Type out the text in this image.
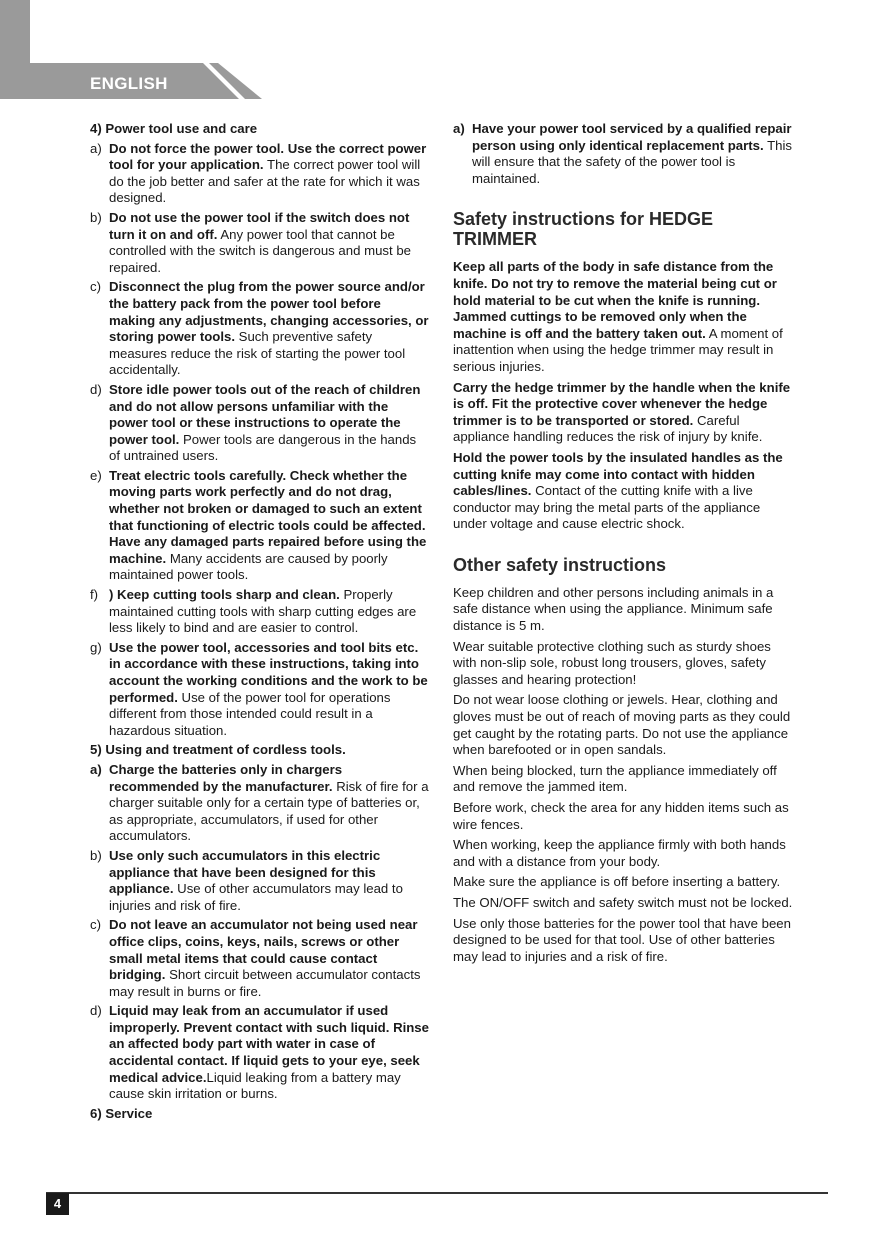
ENGLISH
4) Power tool use and care
a) Do not force the power tool. Use the correct power tool for your application. The correct power tool will do the job better and safer at the rate for which it was designed.
b) Do not use the power tool if the switch does not turn it on and off. Any power tool that cannot be controlled with the switch is dangerous and must be repaired.
c) Disconnect the plug from the power source and/or the battery pack from the power tool before making any adjustments, changing accessories, or storing power tools. Such preventive safety measures reduce the risk of starting the power tool accidentally.
d) Store idle power tools out of the reach of children and do not allow persons unfamiliar with the power tool or these instructions to operate the power tool. Power tools are dangerous in the hands of untrained users.
e) Treat electric tools carefully. Check whether the moving parts work perfectly and do not drag, whether not broken or damaged to such an extent that functioning of electric tools could be affected. Have any damaged parts repaired before using the machine. Many accidents are caused by poorly maintained power tools.
f) ) Keep cutting tools sharp and clean. Properly maintained cutting tools with sharp cutting edges are less likely to bind and are easier to control.
g) Use the power tool, accessories and tool bits etc. in accordance with these instructions, taking into account the working conditions and the work to be performed. Use of the power tool for operations different from those intended could result in a hazardous situation.
5) Using and treatment of cordless tools.
a) Charge the batteries only in chargers recommended by the manufacturer. Risk of fire for a charger suitable only for a certain type of batteries or, as appropriate, accumulators, if used for other accumulators.
b) Use only such accumulators in this electric appliance that have been designed for this appliance. Use of other accumulators may lead to injuries and risk of fire.
c) Do not leave an accumulator not being used near office clips, coins, keys, nails, screws or other small metal items that could cause contact bridging. Short circuit between accumulator contacts may result in burns or fire.
d) Liquid may leak from an accumulator if used improperly. Prevent contact with such liquid. Rinse an affected body part with water in case of accidental contact. If liquid gets to your eye, seek medical advice.Liquid leaking from a battery may cause skin irritation or burns.
6) Service
a) Have your power tool serviced by a qualified repair person using only identical replacement parts. This will ensure that the safety of the power tool is maintained.
Safety instructions for HEDGE TRIMMER
Keep all parts of the body in safe distance from the knife. Do not try to remove the material being cut or hold material to be cut when the knife is running. Jammed cuttings to be removed only when the machine is off and the battery taken out. A moment of inattention when using the hedge trimmer may result in serious injuries.
Carry the hedge trimmer by the handle when the knife is off. Fit the protective cover whenever the hedge trimmer is to be transported or stored. Careful appliance handling reduces the risk of injury by knife.
Hold the power tools by the insulated handles as the cutting knife may come into contact with hidden cables/lines. Contact of the cutting knife with a live conductor may bring the metal parts of the appliance under voltage and cause electric shock.
Other safety instructions
Keep children and other persons including animals in a safe distance when using the appliance. Minimum safe distance is 5 m.
Wear suitable protective clothing such as sturdy shoes with non-slip sole, robust long trousers, gloves, safety glasses and hearing protection!
Do not wear loose clothing or jewels. Hear, clothing and gloves must be out of reach of moving parts as they could get caught by the rotating parts. Do not use the appliance when barefooted or in open sandals.
When being blocked, turn the appliance immediately off and remove the jammed item.
Before work, check the area for any hidden items such as wire fences.
When working, keep the appliance firmly with both hands and with a distance from your body.
Make sure the appliance is off before inserting a battery.
The ON/OFF switch and safety switch must not be locked.
Use only those batteries for the power tool that have been designed to be used for that tool. Use of other batteries may lead to injuries and a risk of fire.
4
